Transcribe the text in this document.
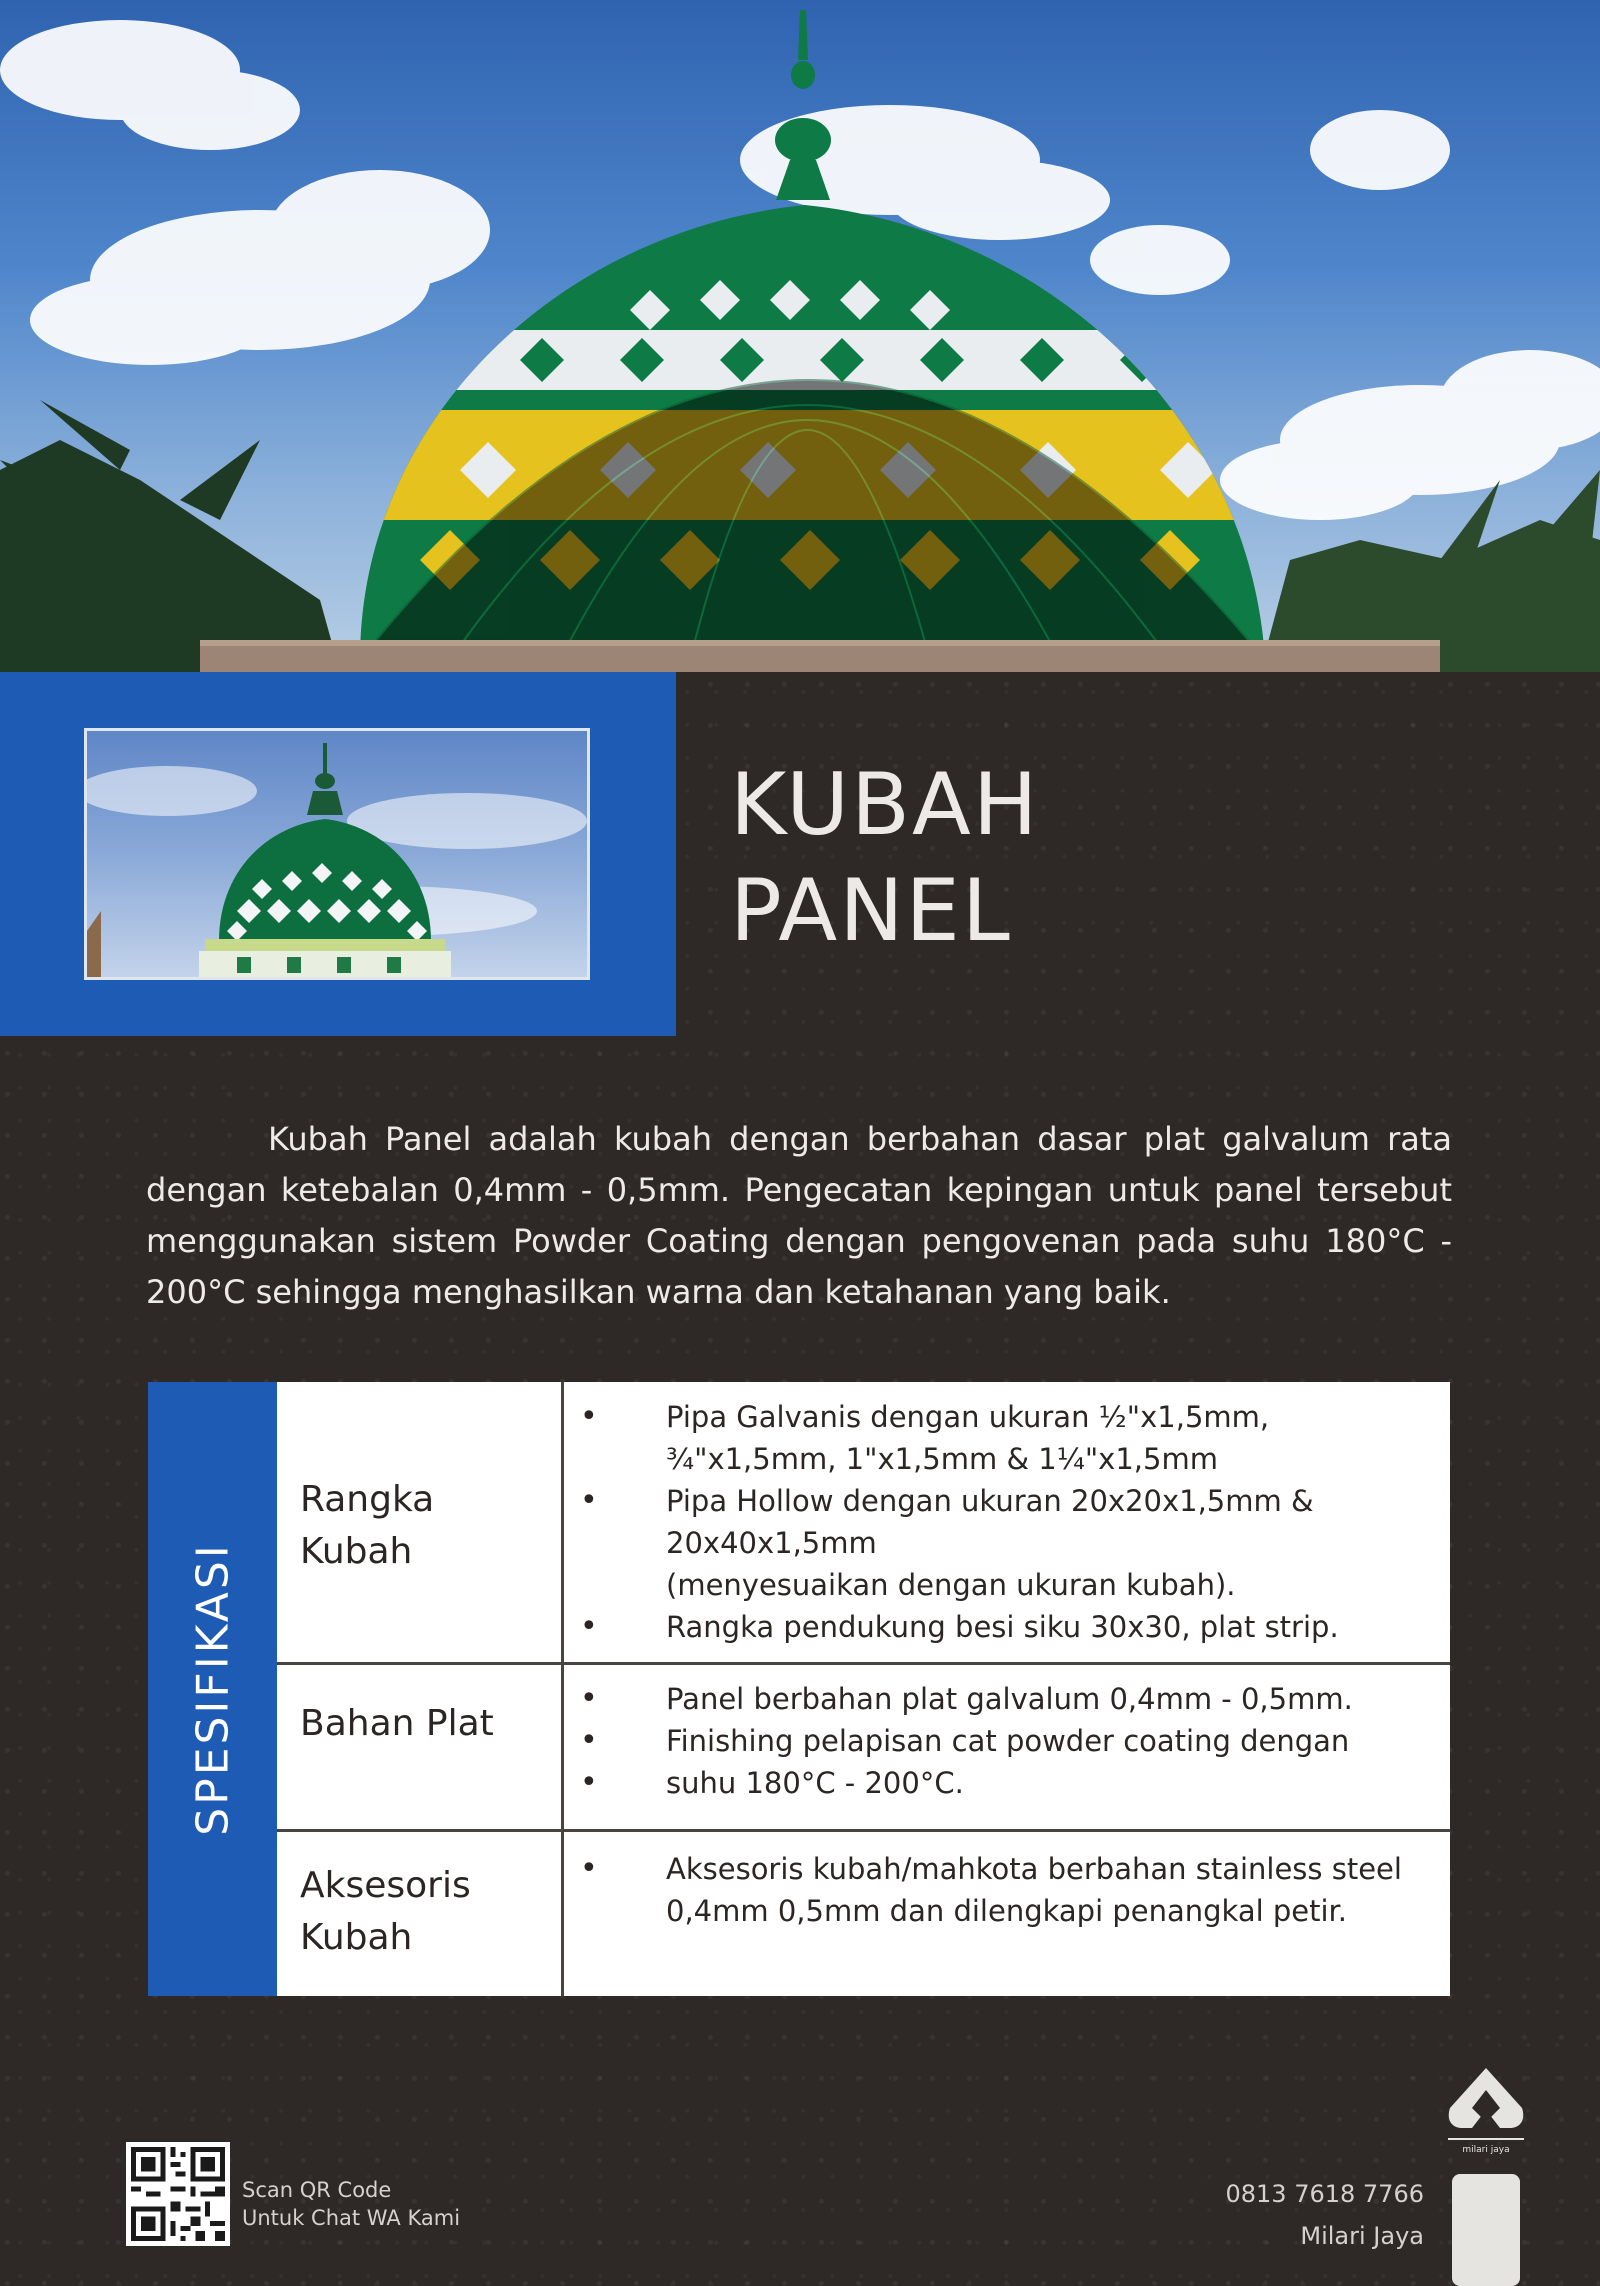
KUBAH
PANEL

Kubah Panel adalah kubah dengan berbahan dasar plat galvalum rata dengan ketebalan 0,4mm - 0,5mm. Pengecatan kepingan untuk panel tersebut menggunakan sistem Powder Coating dengan pengovenan pada suhu 180°C - 200°C sehingga menghasilkan warna dan ketahanan yang baik.

SPESIFIKASI
Rangka
Kubah
• Pipa Galvanis dengan ukuran ½"x1,5mm, ¾"x1,5mm, 1"x1,5mm & 1¼"x1,5mm
• Pipa Hollow dengan ukuran 20x20x1,5mm & 20x40x1,5mm
(menyesuaikan dengan ukuran kubah).
• Rangka pendukung besi siku 30x30, plat strip.
Bahan Plat
• Panel berbahan plat galvalum 0,4mm - 0,5mm.
• Finishing pelapisan cat powder coating dengan
• suhu 180°C - 200°C.
Aksesoris
Kubah
• Aksesoris kubah/mahkota berbahan stainless steel 0,4mm 0,5mm dan dilengkapi penangkal petir.
Scan QR Code
Untuk Chat WA Kami
0813 7618 7766
Milari Jaya
milari jaya
